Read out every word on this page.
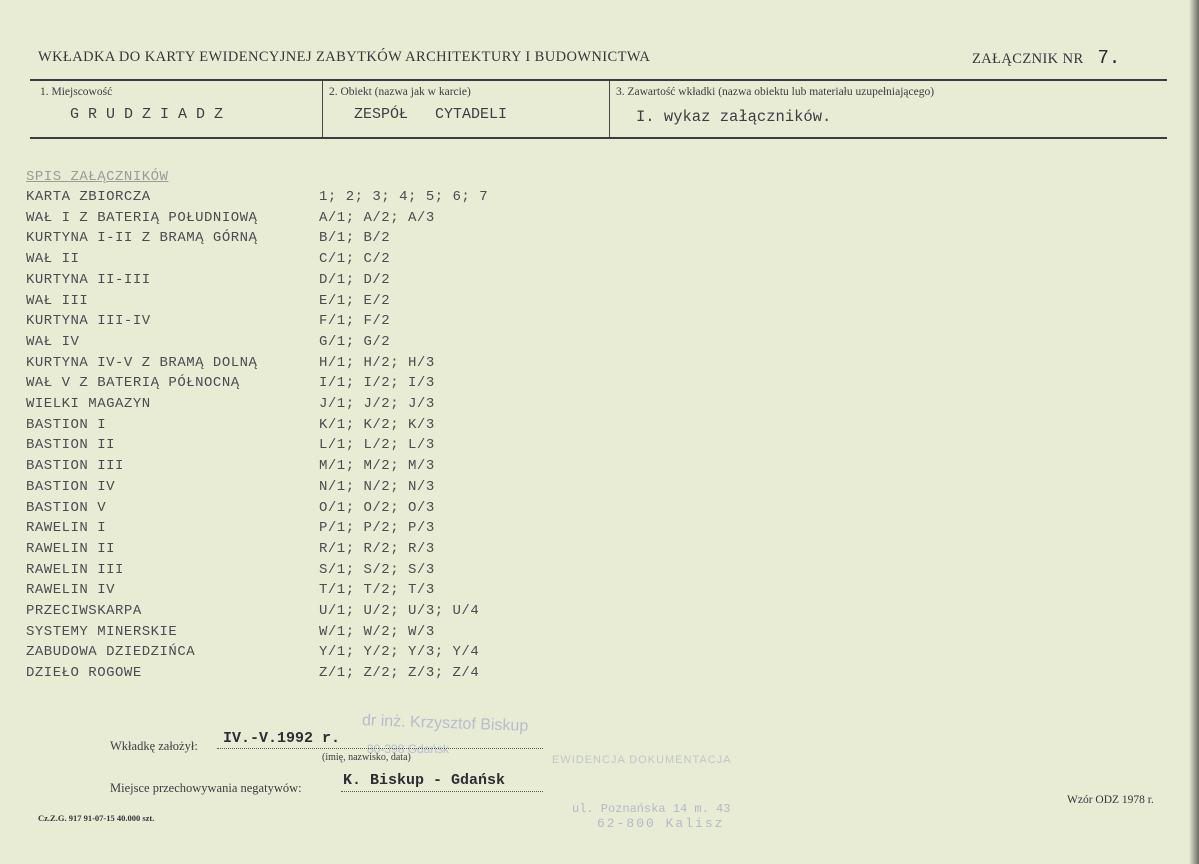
WKŁADKA DO KARTY EWIDENCYJNEJ ZABYTKÓW ARCHITEKTURY I BUDOWNICTWA	ZAŁĄCZNIK NR 7.
1. Miejscowość
G R U D Z I A D Z
2. Obiekt (nazwa jak w karcie)
ZESPÓŁ   CYTADELI
3. Zawartość wkładki (nazwa obiektu lub materiału uzupełniającego)
I. wykaz załączników.
SPIS ZAŁĄCZNIKÓW
KARTA ZBIORCZA	1; 2; 3; 4; 5; 6; 7
WAŁ I Z BATERIĄ POŁUDNIOWĄ	A/1; A/2; A/3
KURTYNA I-II Z BRAMĄ GÓRNĄ	B/1; B/2
WAŁ II	C/1; C/2
KURTYNA II-III	D/1; D/2
WAŁ III	E/1; E/2
KURTYNA III-IV	F/1; F/2
WAŁ IV	G/1; G/2
KURTYNA IV-V Z BRAMĄ DOLNĄ	H/1; H/2; H/3
WAŁ V Z BATERIĄ PÓŁNOCNĄ	I/1; I/2; I/3
WIELKI MAGAZYN	J/1; J/2; J/3
BASTION I	K/1; K/2; K/3
BASTION II	L/1; L/2; L/3
BASTION III	M/1; M/2; M/3
BASTION IV	N/1; N/2; N/3
BASTION V	O/1; O/2; O/3
RAWELIN I	P/1; P/2; P/3
RAWELIN II	R/1; R/2; R/3
RAWELIN III	S/1; S/2; S/3
RAWELIN IV	T/1; T/2; T/3
PRZECIWSKARPA	U/1; U/2; U/3; U/4
SYSTEMY MINERSKIE	W/1; W/2; W/3
ZABUDOWA DZIEDZIŃCA	Y/1; Y/2; Y/3; Y/4
DZIEŁO ROGOWE	Z/1; Z/2; Z/3; Z/4
dr inż. Krzysztof Biskup
80-398 Gdańsk
EWIDENCJA DOKUMENTACJA
ul. Poznańska 14 m. 43
62-800 Kalisz
Wkładkę założył: IV.-V.1992 r.
(imię, nazwisko, data)
Miejsce przechowywania negatywów:	K. Biskup - Gdańsk
Cz.Z.G. 917 91-07-15 40.000 szt.
Wzór ODZ 1978 r.
